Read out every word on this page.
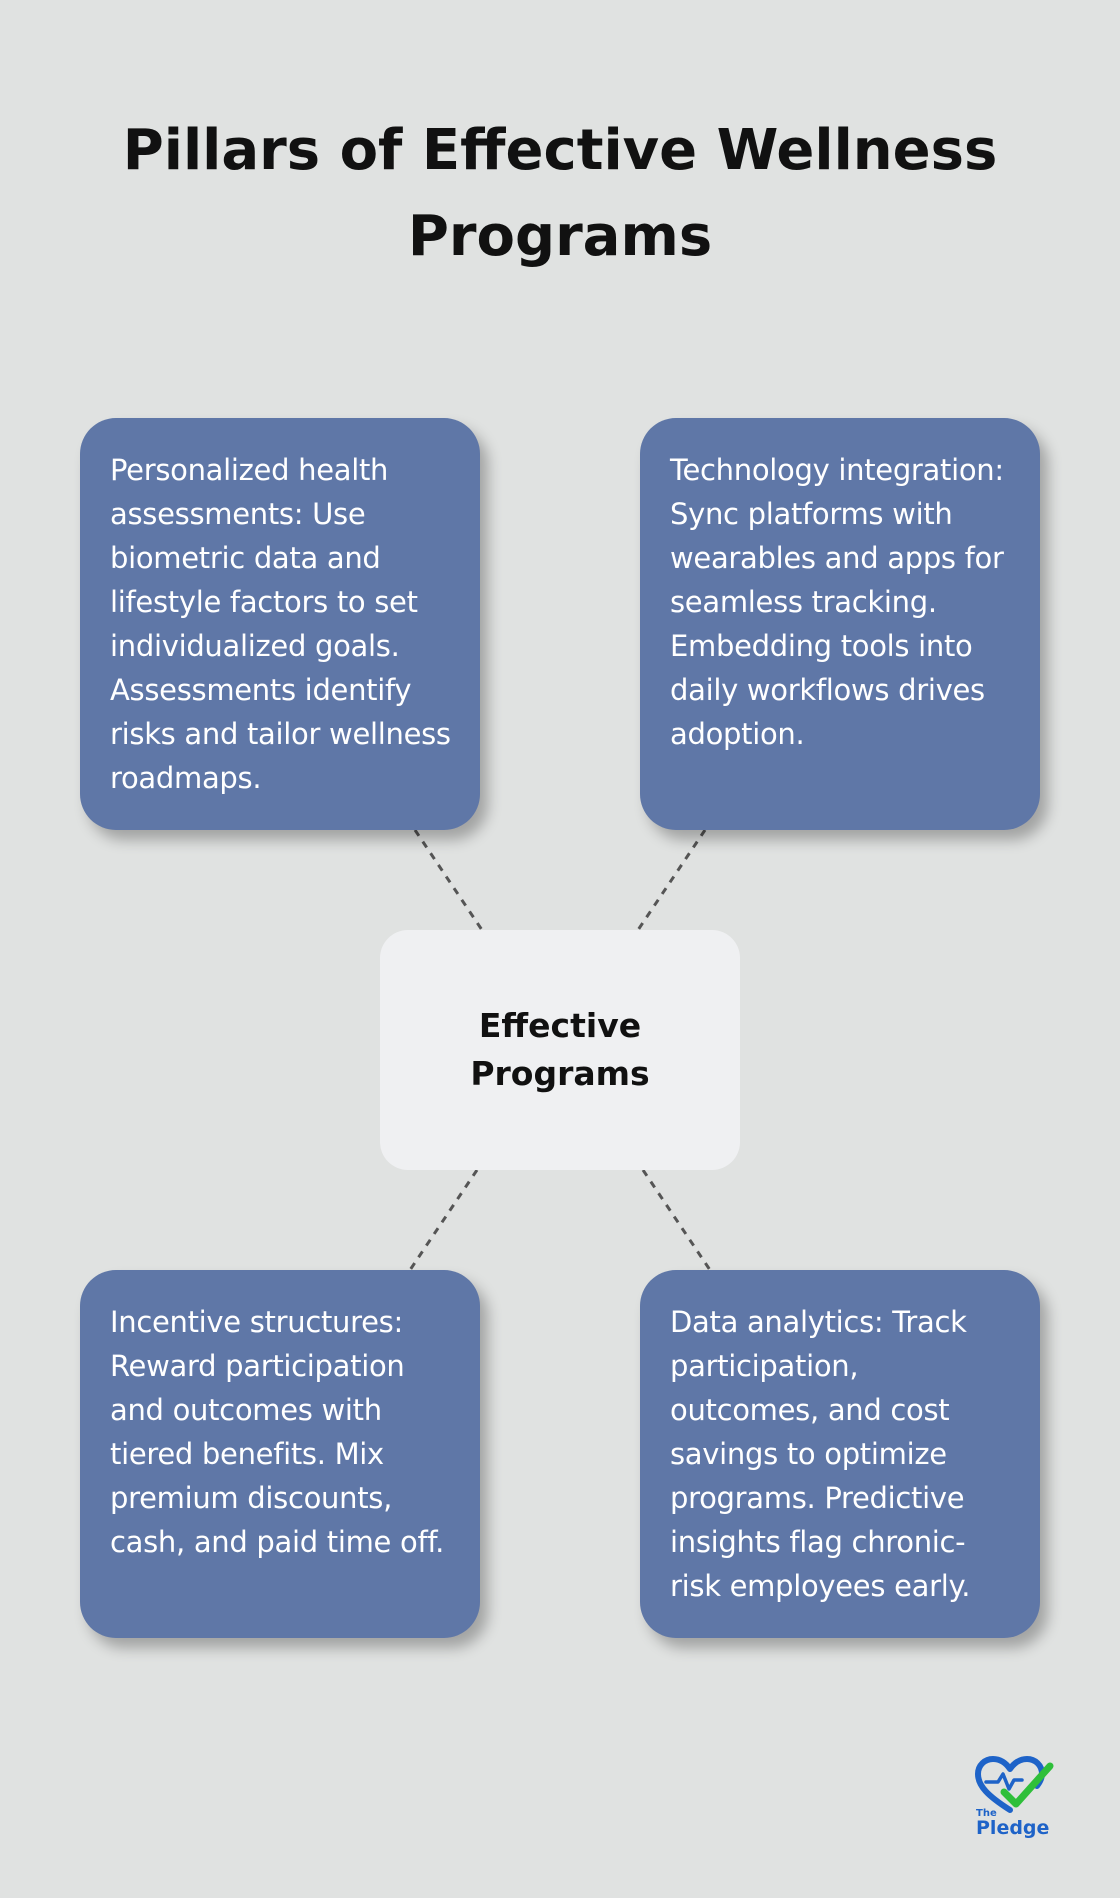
Pillars of Effective Wellness Programs
Personalized health assessments: Use biometric data and lifestyle factors to set individualized goals. Assessments identify risks and tailor wellness roadmaps.
Technology integration: Sync platforms with wearables and apps for seamless tracking. Embedding tools into daily workflows drives adoption.
Effective Programs
Incentive structures: Reward participation and outcomes with tiered benefits. Mix premium discounts, cash, and paid time off.
Data analytics: Track participation, outcomes, and cost savings to optimize programs. Predictive insights flag chronic-risk employees early.
The
Pledge
